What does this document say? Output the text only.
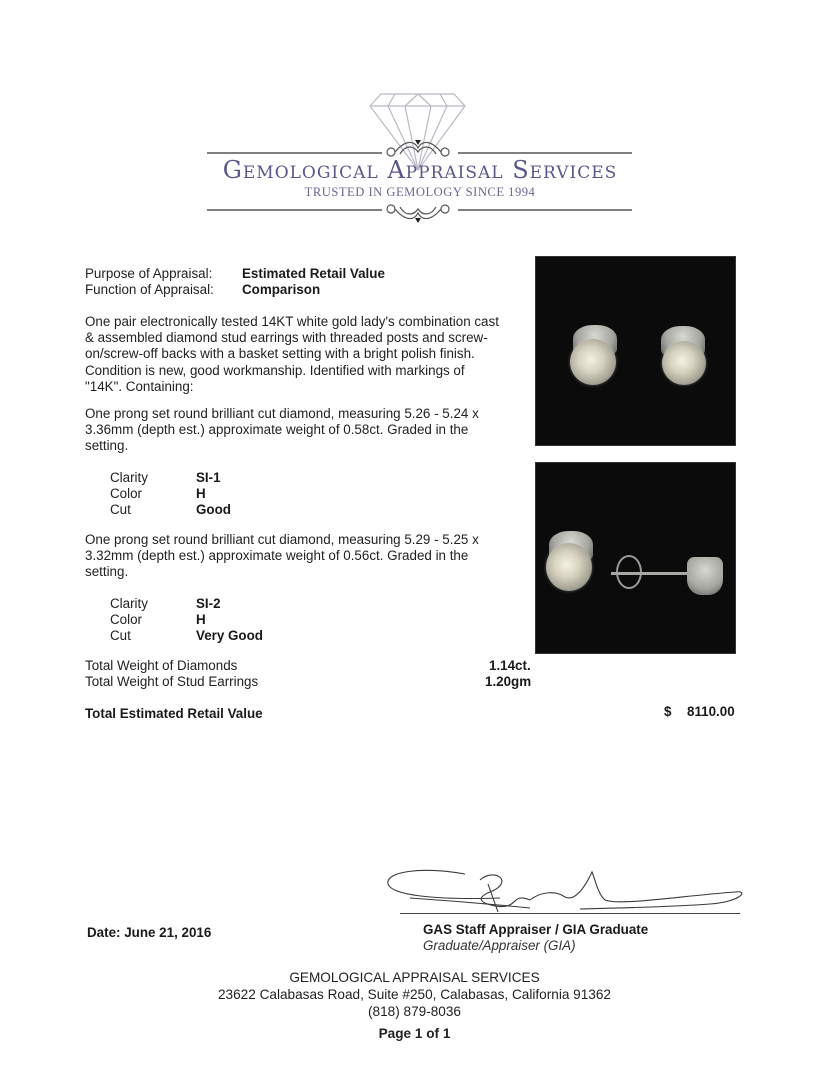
Gemological Appraisal Services
TRUSTED IN GEMOLOGY SINCE 1994
Purpose of Appraisal: Estimated Retail Value
Function of Appraisal: Comparison
One pair electronically tested 14KT white gold lady's combination cast & assembled diamond stud earrings with threaded posts and screw-on/screw-off backs with a basket setting with a bright polish finish. Condition is new, good workmanship. Identified with markings of "14K". Containing:
One prong set round brilliant cut diamond, measuring 5.26 - 5.24 x 3.36mm (depth est.) approximate weight of 0.58ct. Graded in the setting.
Clarity	SI-1
Color	H
Cut	Good
One prong set round brilliant cut diamond, measuring 5.29 - 5.25 x 3.32mm (depth est.) approximate weight of 0.56ct. Graded in the setting.
Clarity	SI-2
Color	H
Cut	Very Good
Total Weight of Diamonds	1.14ct.
Total Weight of Stud Earrings	1.20gm
Total Estimated Retail Value	$ 8110.00
Date: June 21, 2016	GAS Staff Appraiser / GIA Graduate
Graduate/Appraiser (GIA)
GEMOLOGICAL APPRAISAL SERVICES
23622 Calabasas Road, Suite #250, Calabasas, California 91362
(818) 879-8036
Page 1 of 1
